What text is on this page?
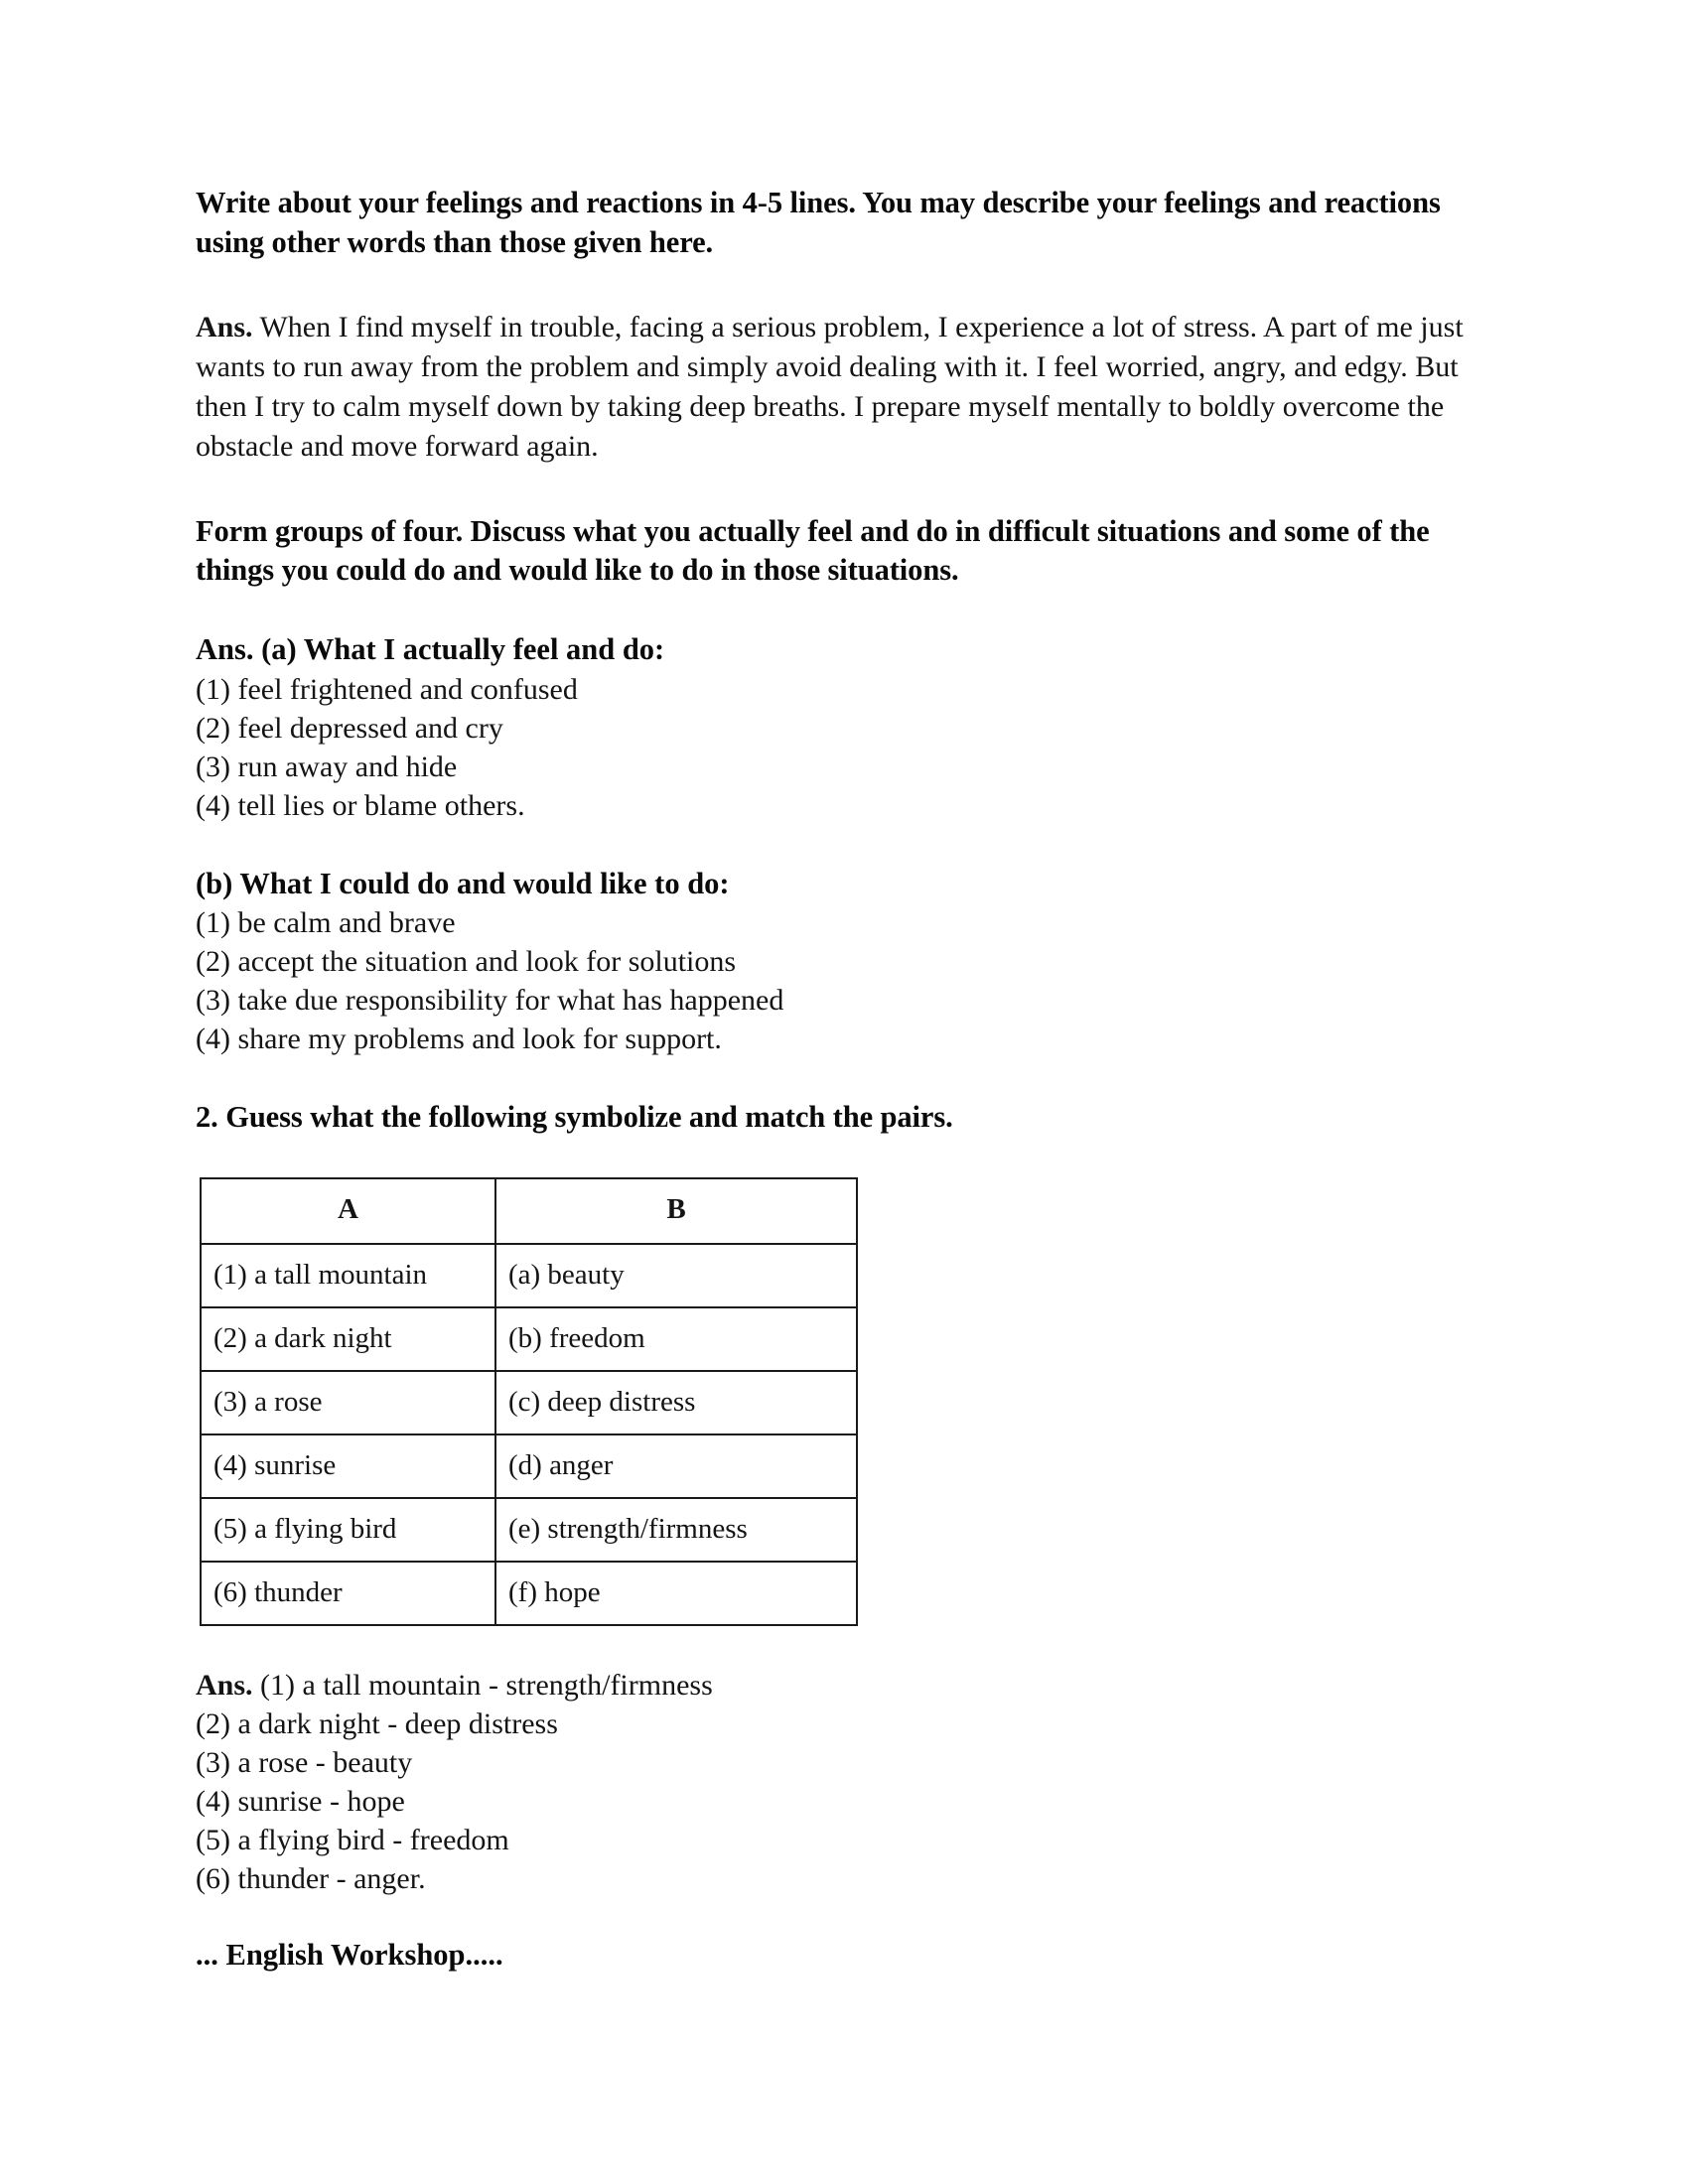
Write about your feelings and reactions in 4-5 lines. You may describe your feelings and reactions using other words than those given here.

Ans. When I find myself in trouble, facing a serious problem, I experience a lot of stress. A part of me just wants to run away from the problem and simply avoid dealing with it. I feel worried, angry, and edgy. But then I try to calm myself down by taking deep breaths. I prepare myself mentally to boldly overcome the obstacle and move forward again.

Form groups of four. Discuss what you actually feel and do in difficult situations and some of the things you could do and would like to do in those situations.

Ans. (a) What I actually feel and do:

(1) feel frightened and confused
(2) feel depressed and cry
(3) run away and hide
(4) tell lies or blame others.

(b) What I could do and would like to do:

(1) be calm and brave
(2) accept the situation and look for solutions
(3) take due responsibility for what has happened
(4) share my problems and look for support.

2. Guess what the following symbolize and match the pairs.

A	B
(1) a tall mountain	(a) beauty
(2) a dark night	(b) freedom
(3) a rose	(c) deep distress
(4) sunrise	(d) anger
(5) a flying bird	(e) strength/firmness
(6) thunder	(f) hope
Ans. (1) a tall mountain - strength/firmness
(2) a dark night - deep distress
(3) a rose - beauty
(4) sunrise - hope
(5) a flying bird - freedom
(6) thunder - anger.

... English Workshop.....
